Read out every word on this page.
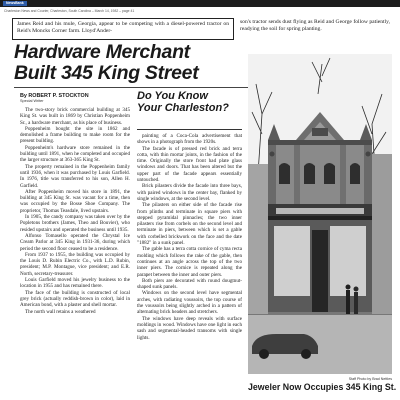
NewsBank
Charleston News and Courier, Charleston, South Carolina – March 14, 1982 – page 41
James Reid and his mule, Georgia, appear to be competing with a diesel-powered tractor on Reid's Moncks Corner farm. Lloyd'Ander-
son's tractor sends dust flying as Reid and George follow patiently, readying the soil for spring planting.
Hardware Merchant
Built 345 King Street
By ROBERT P. STOCKTON
Special Writer

The two-story brick commercial building at 345 King St. was built in 1869 by Christian Poppenheim Sr., a hardware merchant, as his place of business.

Poppenheim bought the site in 1862 and demolished a frame building to make room for the present building.

Poppenheim's hardware store remained in the building until 1891, when he completed and occupied the larger structure at 363-365 King St.

The property remained in the Poppenheim family until 1936, when it was purchased by Louis Garfield. In 1976, title was transferred to his son, Allen H. Garfield.

After Poppenheim moved his store in 1891, the building at 345 King St. was vacant for a time, then was occupied by the Bosse Shoe Company. The proprietor, Thomas Teasdale, lived upstairs.

In 1905, the candy company was taken over by the Popletons brothers (James, Theo and Bouvier), who resided upstairs and operated the business until 1935.

Alfonso Tomasello operated the Chrystal Ice Cream Parlor at 345 King in 1931-36, during which period the second floor ceased to be a residence.

From 1937 to 1955, the building was occupied by the Louis D. Rubin Electric Co., with L.D. Rubin, president; M.P. Montague, vice president; and E.R. North, secretary-treasurer.

Louis Garfield moved his jewelry business to the location in 1955 and has remained there.

The face of the building is constructed of local grey brick (actually reddish-brown in color), laid in American bond, with a plaster and shell mortar.

The north wall retains a weathered

Do You Know
Your Charleston?

painting of a Coca-Cola advertisement that shows in a photograph from the 1920s.

The facade is of pressed red brick and terra cotta, with thin mortar joints, in the fashion of the time. Originally the store front had plate glass windows and doors. That has been altered but the upper part of the facade appears essentially untouched.

Brick pilasters divide the facade into three bays, with paired windows in the center bay, flanked by single windows, at the second level.

The pilasters on either side of the facade rise from plinths and terminate in square piers with stepped pyramidal pinnacles; the two inner pilasters rise from corbels on the second level and terminate in piers, between which is set a gable with corbelled brickwork on the face and the date "1882" in a sunk panel.

The gable has a terra cotta cornice of cyma recta molding which follows the rake of the gable, then continues at an angle across the top of the two inner piers. The cornice is repeated along the parapet between the inner and outer piers.

Both piers are decorated with round dougtnut-shaped sunk panels.

Windows on the second level have segmental arches, with radiating voussoirs, the top course of the voussoirs being slightly arched in a pattern of alternating brick headers and stretchers.

The windows have deep reveals with surface moldings in wood. Windows have one light in each sash and segmental-headed transoms with single lights.

Staff Photo by Brad Nettles
Jeweler Now Occupies 345 King St.
